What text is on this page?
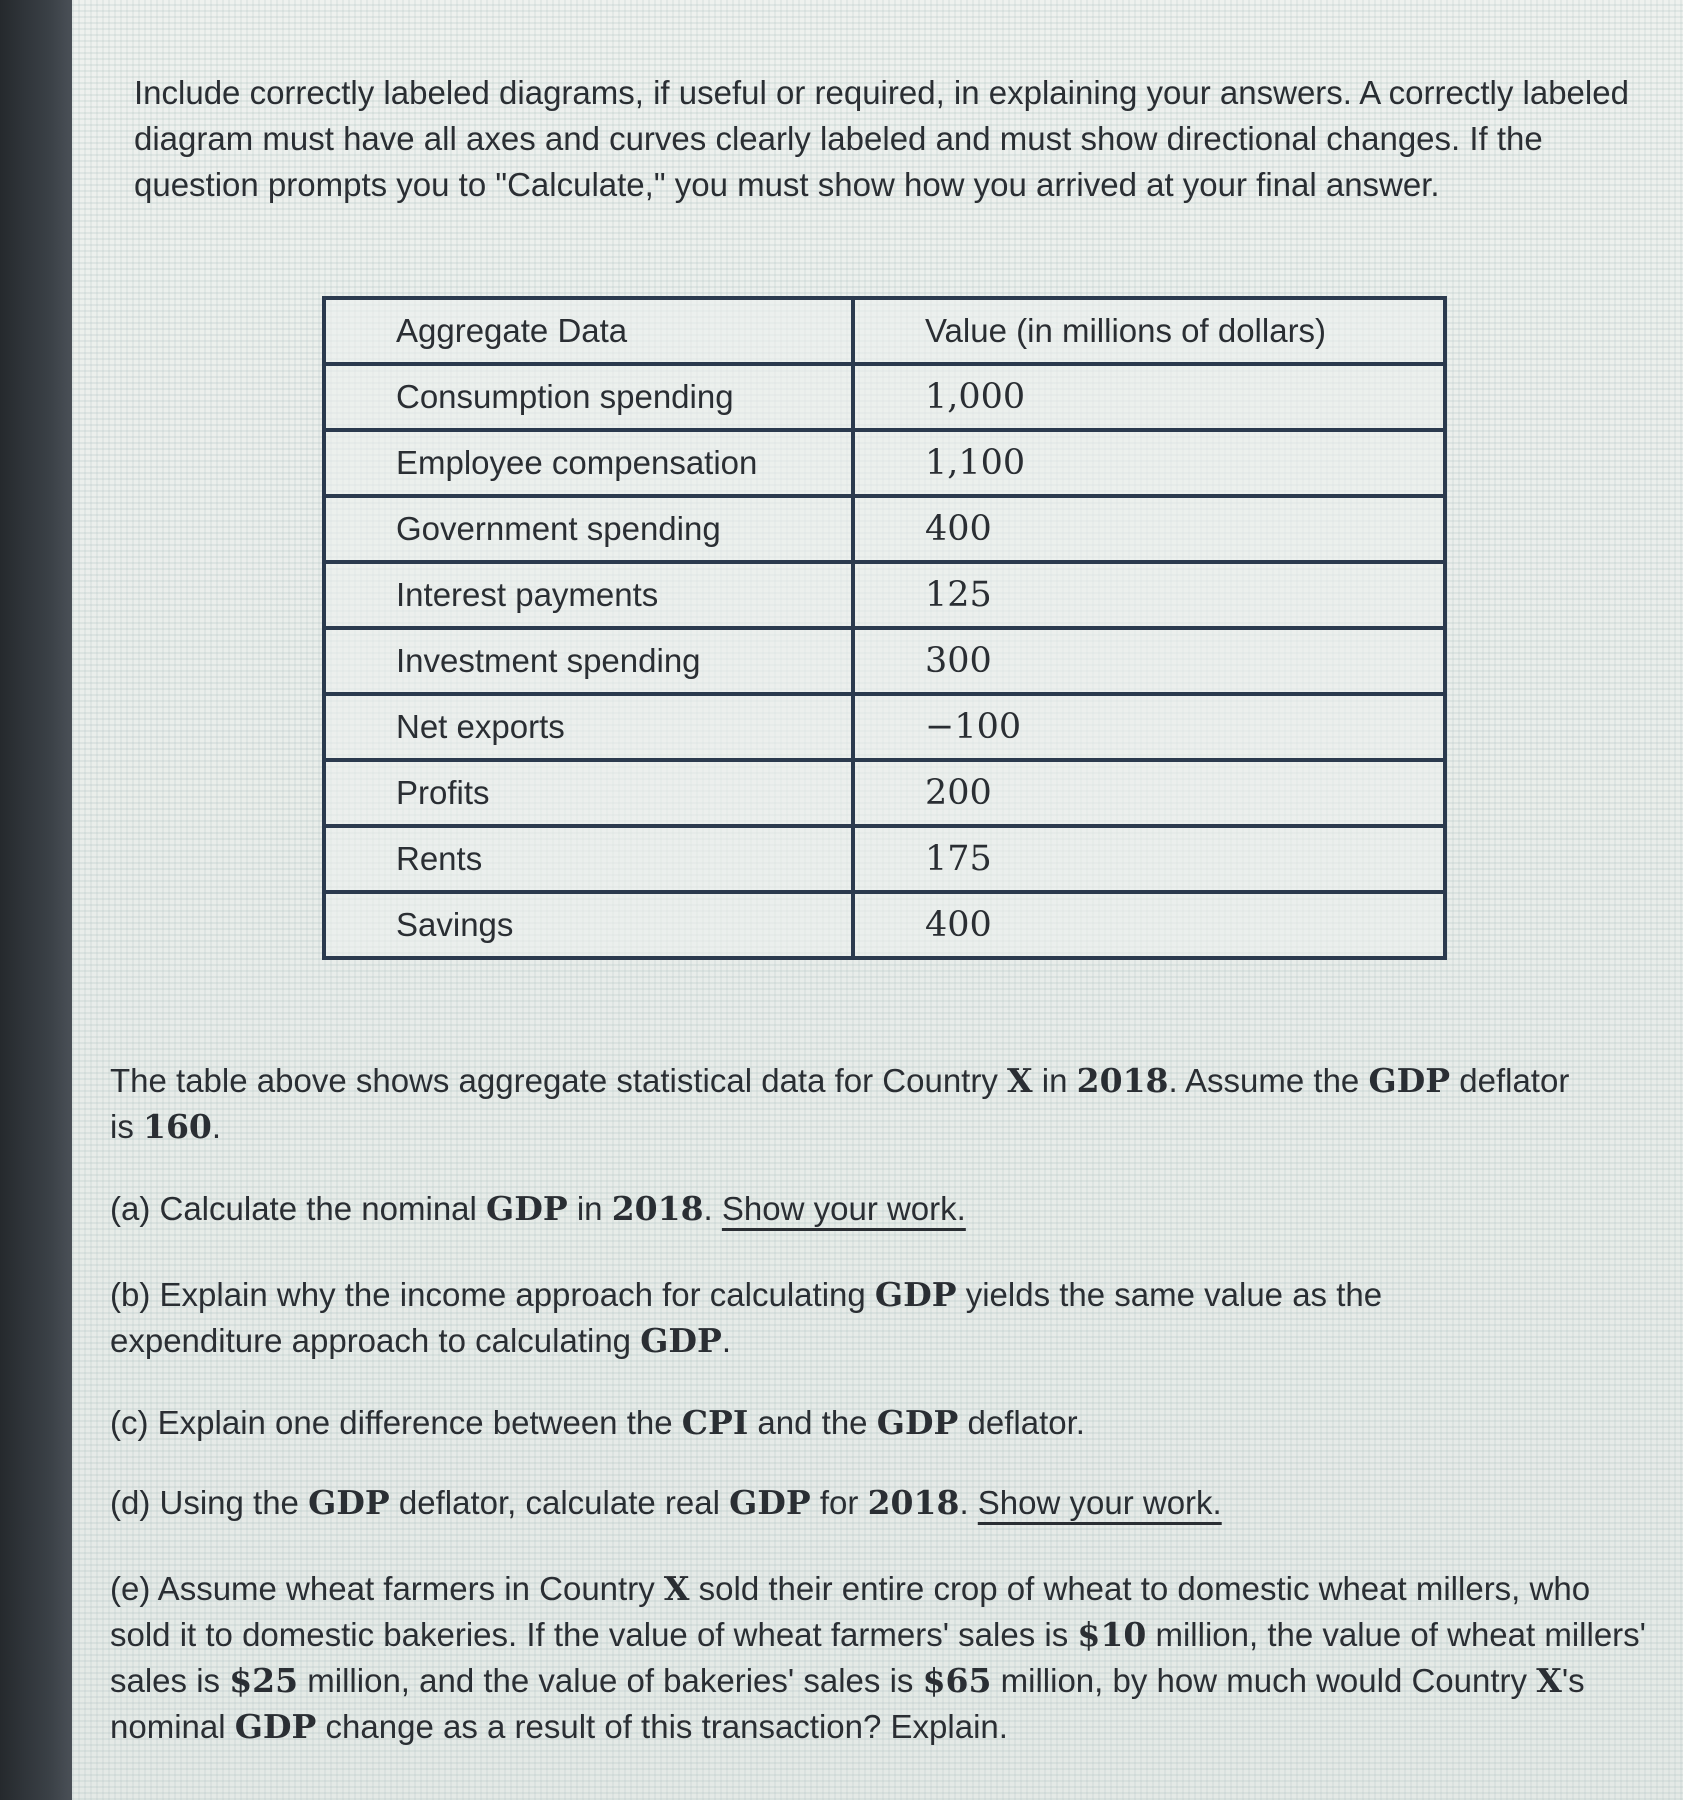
Include correctly labeled diagrams, if useful or required, in explaining your answers. A correctly labeled diagram must have all axes and curves clearly labeled and must show directional changes. If the question prompts you to "Calculate," you must show how you arrived at your final answer.

Aggregate Data	Value (in millions of dollars)
Consumption spending	1,000
Employee compensation	1,100
Government spending	400
Interest payments	125
Investment spending	300
Net exports	−100
Profits	200
Rents	175
Savings	400

The table above shows aggregate statistical data for Country X in 2018. Assume the GDP deflator is 160.

(a) Calculate the nominal GDP in 2018. Show your work.

(b) Explain why the income approach for calculating GDP yields the same value as the expenditure approach to calculating GDP.

(c) Explain one difference between the CPI and the GDP deflator.

(d) Using the GDP deflator, calculate real GDP for 2018. Show your work.

(e) Assume wheat farmers in Country X sold their entire crop of wheat to domestic wheat millers, who sold it to domestic bakeries. If the value of wheat farmers' sales is $10 million, the value of wheat millers' sales is $25 million, and the value of bakeries' sales is $65 million, by how much would Country X's nominal GDP change as a result of this transaction? Explain.
